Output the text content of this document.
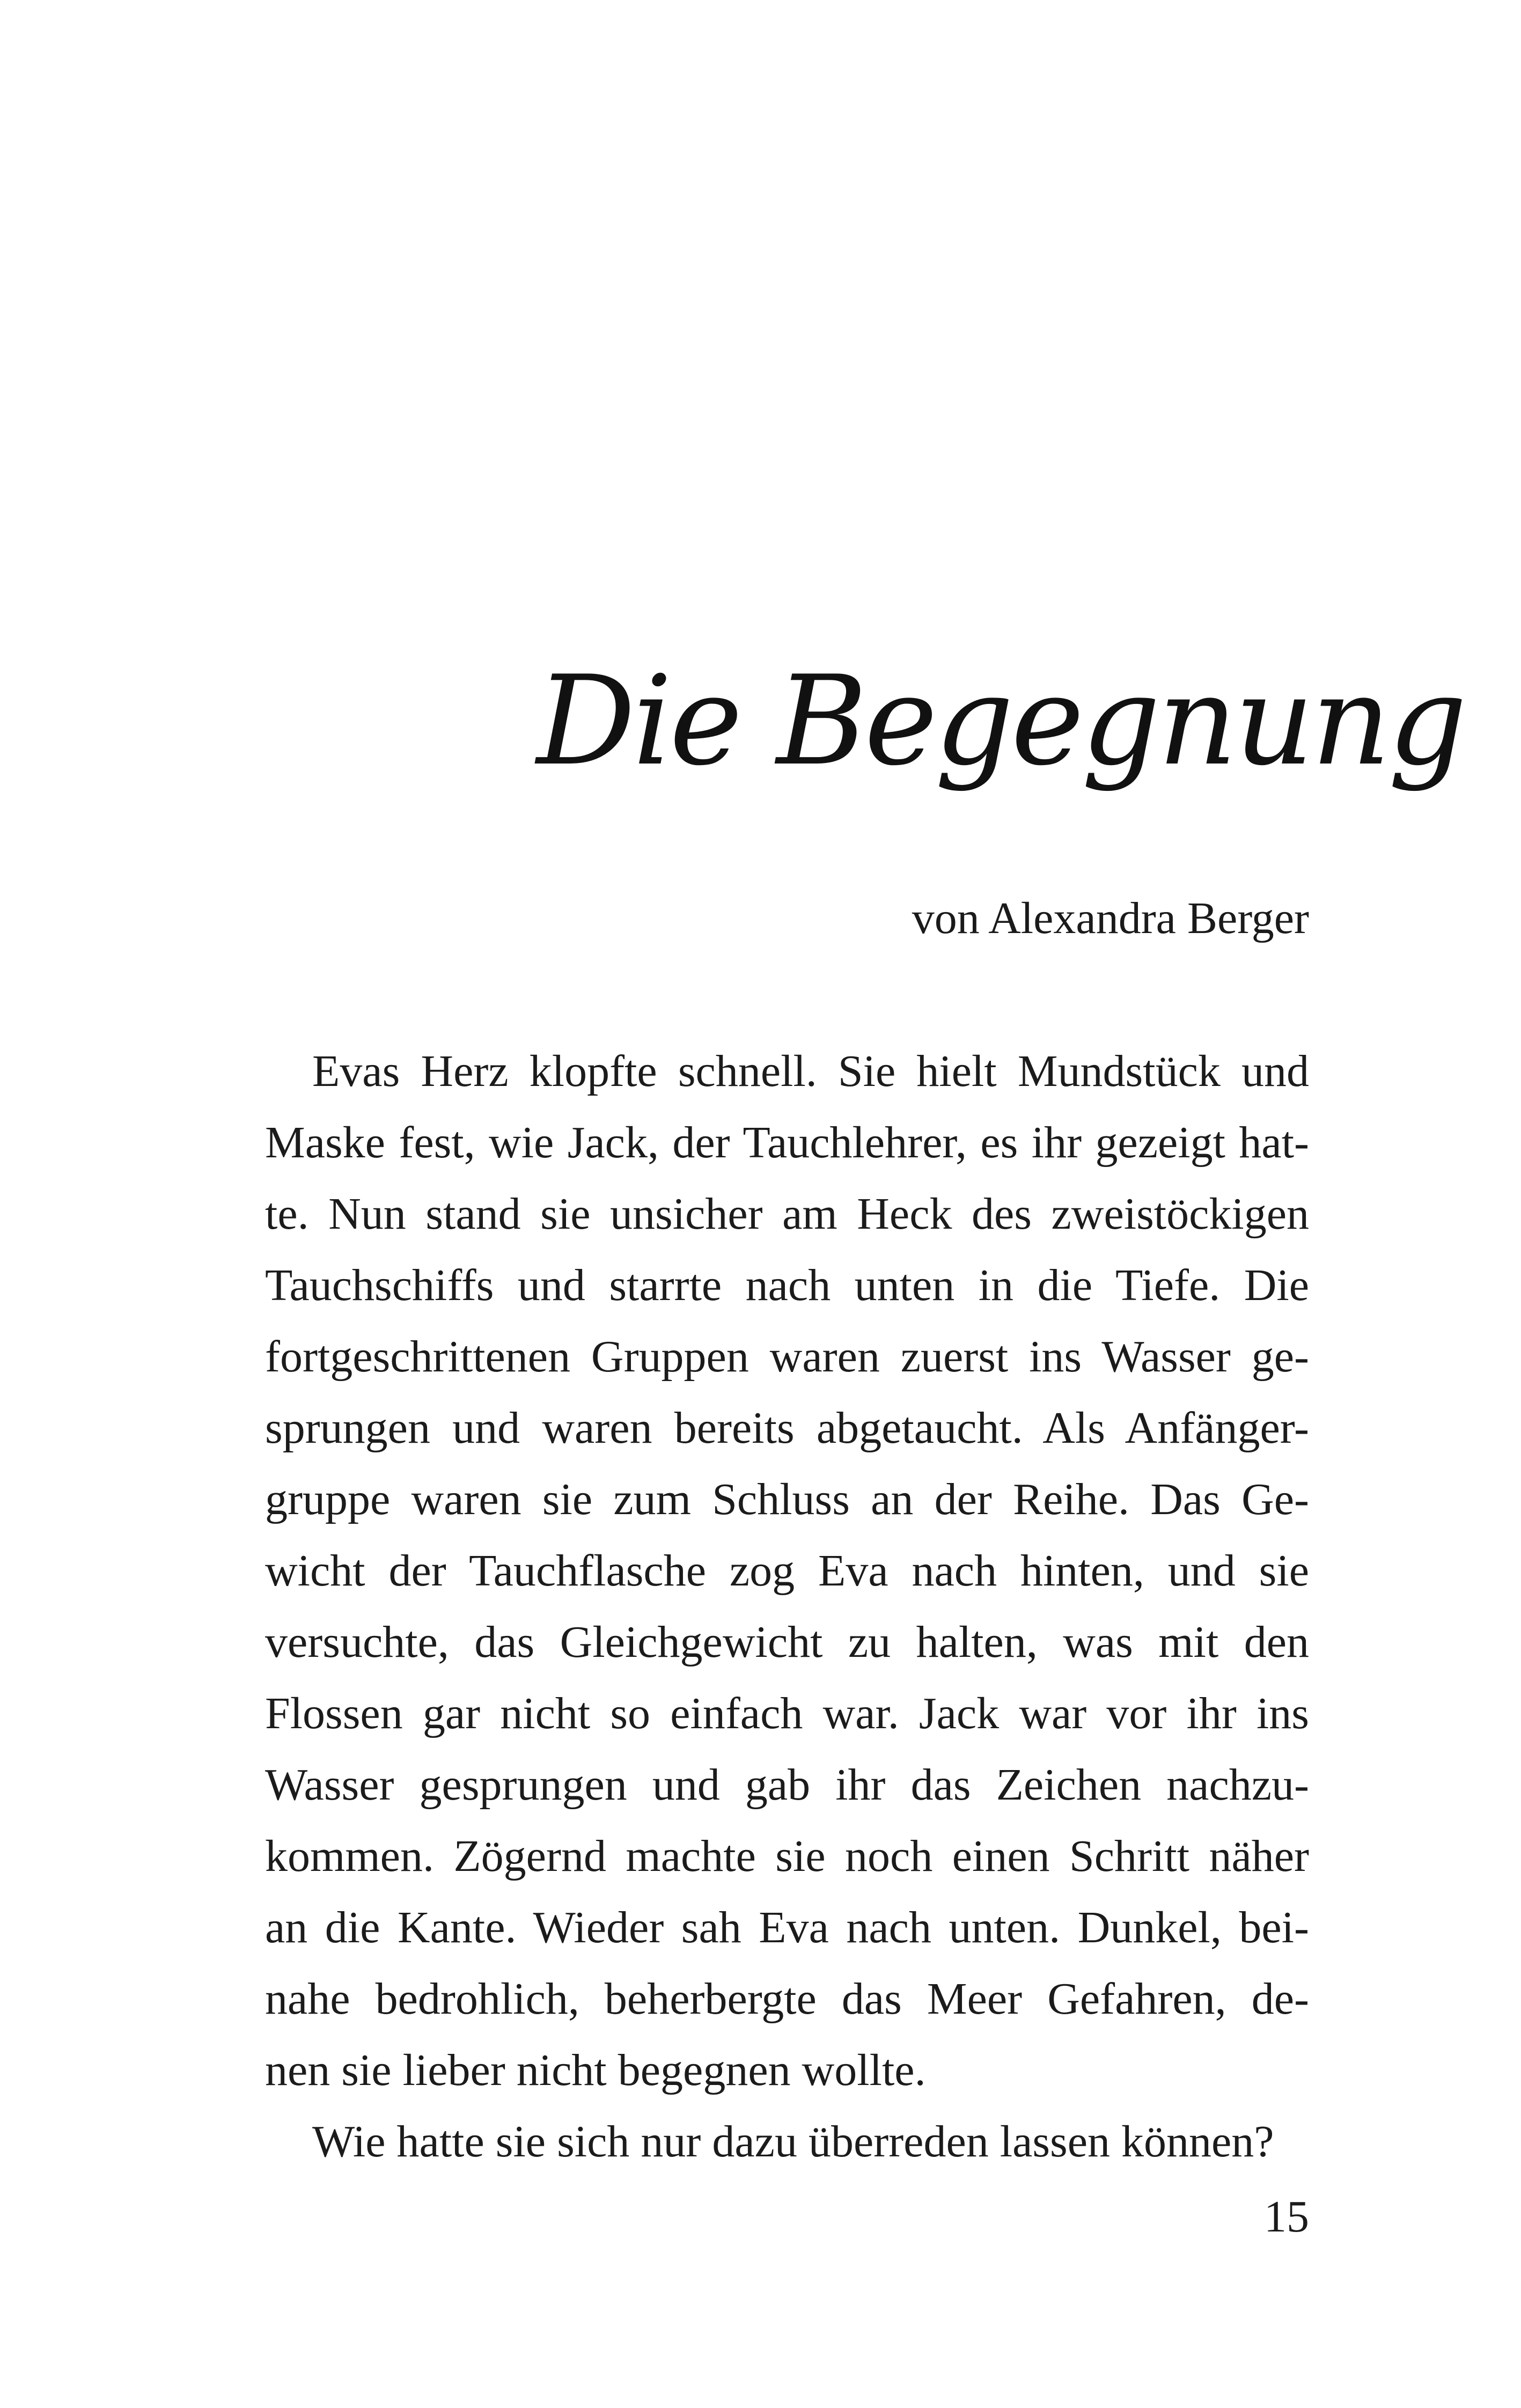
Die Begegnung
von Alexandra Berger
Evas Herz klopfte schnell. Sie hielt Mundstück und
Maske fest, wie Jack, der Tauchlehrer, es ihr gezeigt hat-
te. Nun stand sie unsicher am Heck des zweistöckigen
Tauchschiffs und starrte nach unten in die Tiefe. Die
fortgeschrittenen Gruppen waren zuerst ins Wasser ge-
sprungen und waren bereits abgetaucht. Als Anfänger-
gruppe waren sie zum Schluss an der Reihe. Das Ge-
wicht der Tauchflasche zog Eva nach hinten, und sie
versuchte, das Gleichgewicht zu halten, was mit den
Flossen gar nicht so einfach war. Jack war vor ihr ins
Wasser gesprungen und gab ihr das Zeichen nachzu-
kommen. Zögernd machte sie noch einen Schritt näher
an die Kante. Wieder sah Eva nach unten. Dunkel, bei-
nahe bedrohlich, beherbergte das Meer Gefahren, de-
nen sie lieber nicht begegnen wollte.
Wie hatte sie sich nur dazu überreden lassen können?
15
